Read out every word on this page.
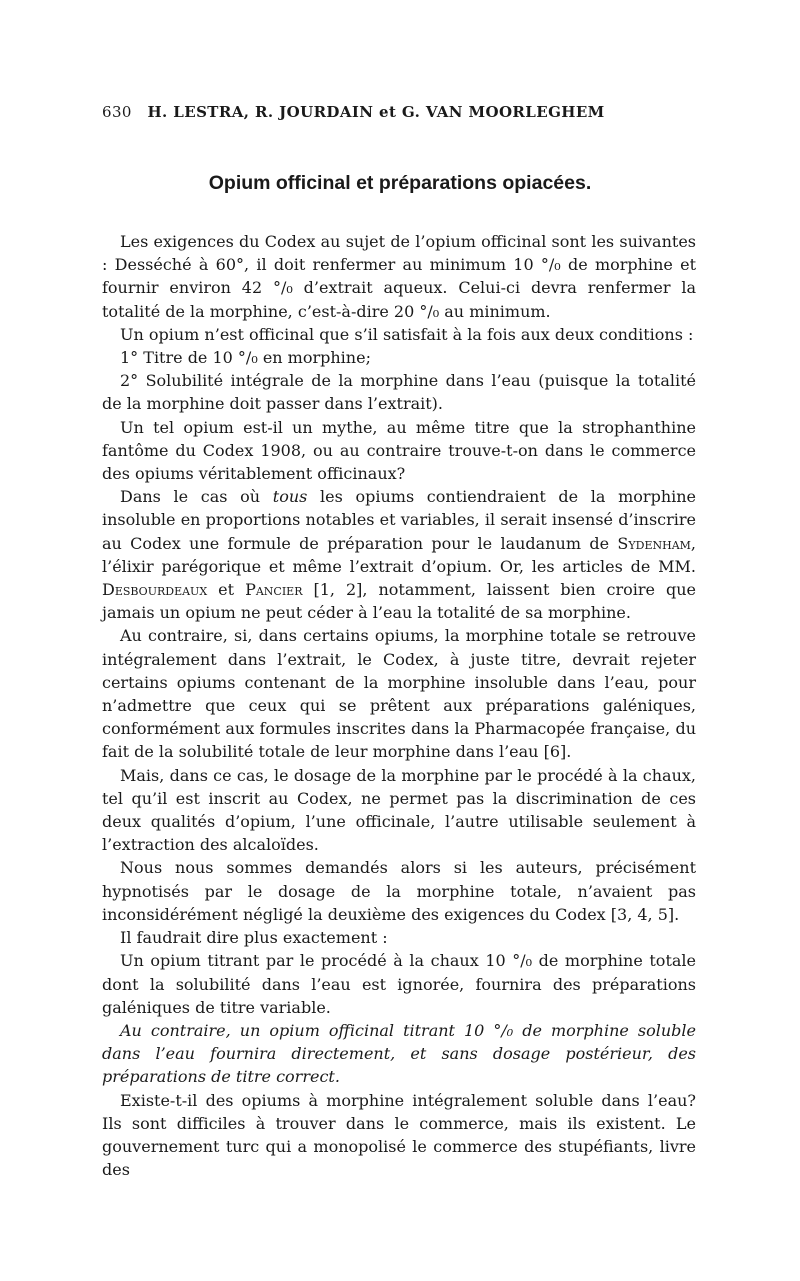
630 H. LESTRA, R. JOURDAIN et G. VAN MOORLEGHEM
Opium officinal et préparations opiacées.

Les exigences du Codex au sujet de l’opium officinal sont les suivantes : Desséché à 60°, il doit renfermer au minimum 10 °/₀ de morphine et fournir environ 42 °/₀ d’extrait aqueux. Celui-ci devra renfermer la totalité de la morphine, c’est-à-dire 20 °/₀ au minimum.

Un opium n’est officinal que s’il satisfait à la fois aux deux conditions :

1° Titre de 10 °/₀ en morphine;

2° Solubilité intégrale de la morphine dans l’eau (puisque la totalité de la morphine doit passer dans l’extrait).

Un tel opium est-il un mythe, au même titre que la strophanthine fantôme du Codex 1908, ou au contraire trouve-t-on dans le commerce des opiums véritablement officinaux?

Dans le cas où tous les opiums contiendraient de la morphine insoluble en proportions notables et variables, il serait insensé d’inscrire au Codex une formule de préparation pour le laudanum de Sydenham, l’élixir parégorique et même l’extrait d’opium. Or, les articles de MM. Desbourdeaux et Pancier [1, 2], notamment, laissent bien croire que jamais un opium ne peut céder à l’eau la totalité de sa morphine.

Au contraire, si, dans certains opiums, la morphine totale se retrouve intégralement dans l’extrait, le Codex, à juste titre, devrait rejeter certains opiums contenant de la morphine insoluble dans l’eau, pour n’admettre que ceux qui se prêtent aux préparations galéniques, conformément aux formules inscrites dans la Pharmacopée française, du fait de la solubilité totale de leur morphine dans l’eau [6].

Mais, dans ce cas, le dosage de la morphine par le procédé à la chaux, tel qu’il est inscrit au Codex, ne permet pas la discrimination de ces deux qualités d’opium, l’une officinale, l’autre utilisable seulement à l’extraction des alcaloïdes.

Nous nous sommes demandés alors si les auteurs, précisément hypnotisés par le dosage de la morphine totale, n’avaient pas inconsidérément négligé la deuxième des exigences du Codex [3, 4, 5].

Il faudrait dire plus exactement :

Un opium titrant par le procédé à la chaux 10 °/₀ de morphine totale dont la solubilité dans l’eau est ignorée, fournira des préparations galéniques de titre variable.

Au contraire, un opium officinal titrant 10 °/₀ de morphine soluble dans l’eau fournira directement, et sans dosage postérieur, des préparations de titre correct.

Existe-t-il des opiums à morphine intégralement soluble dans l’eau? Ils sont difficiles à trouver dans le commerce, mais ils existent. Le gouvernement turc qui a monopolisé le commerce des stupéfiants, livre des
